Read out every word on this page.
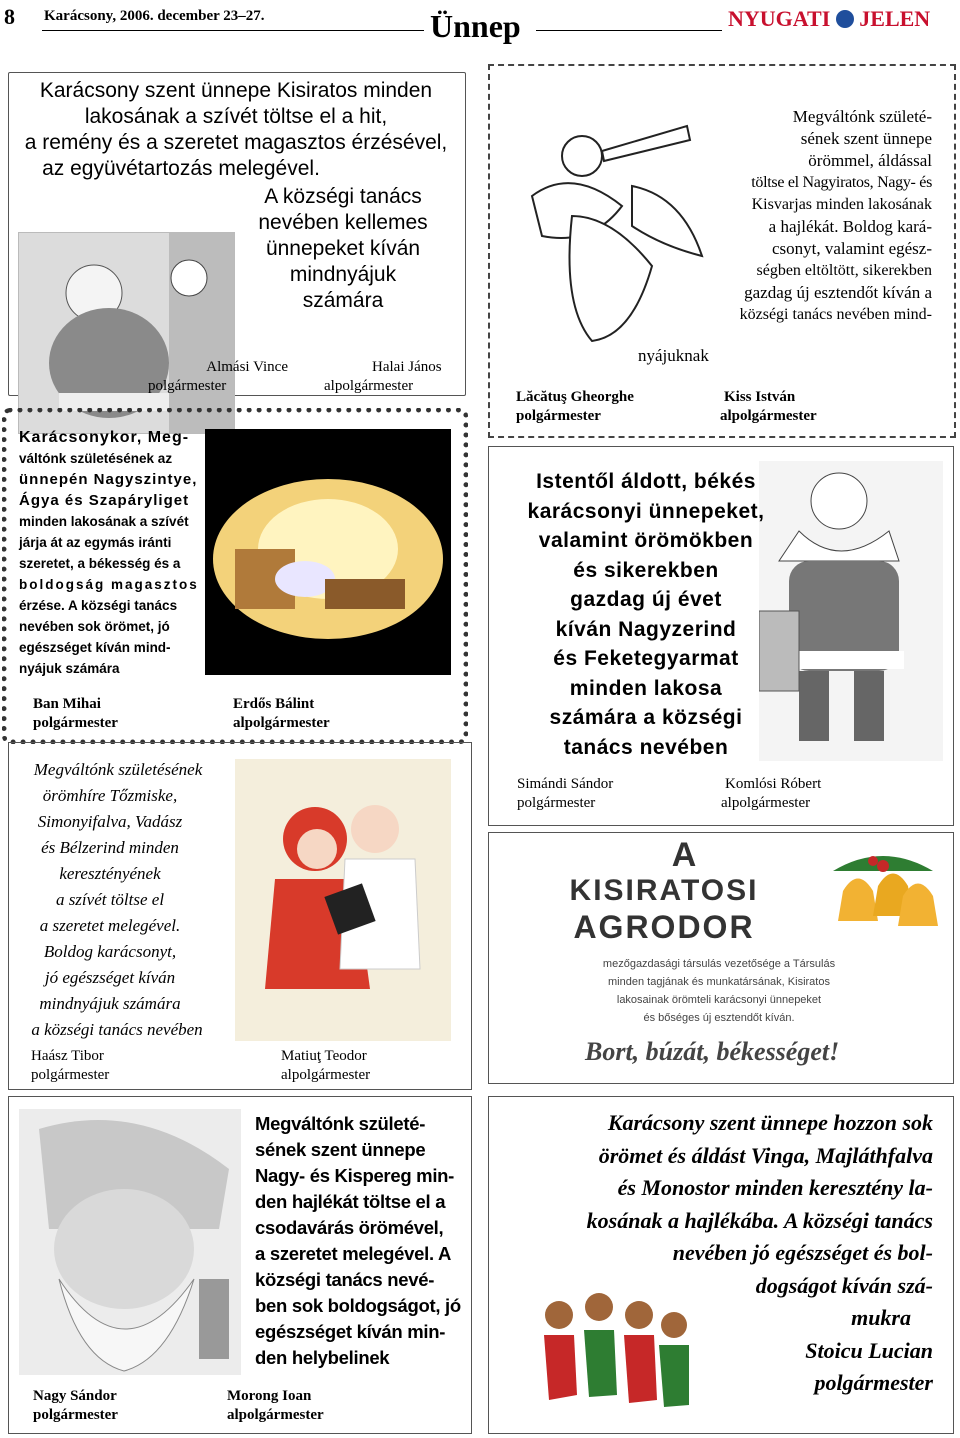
8 Karácsony, 2006. december 23–27.	Ünnep	NYUGATI JELEN
Karácsony szent ünnepe Kisiratos minden
lakosának a szívét töltse el a hit,
a remény és a szeretet magasztos érzésével,
az együvétartozás melegével.
A községi tanács
nevében kellemes
ünnepeket kíván
mindnyájuk
számára
Almási Vince
polgármester
Halai János
alpolgármester
Megváltónk születé-
sének szent ünnepe
örömmel, áldással
töltse el Nagyiratos, Nagy- és
Kisvarjas minden lakosának
a hajlékát. Boldog kará-
csonyt, valamint egész-
ségben eltöltött, sikerekben
gazdag új esztendőt kíván a
községi tanács nevében mind-
nyájuknak
Lăcătuş Gheorghe
polgármester
Kiss István
alpolgármester
Karácsonykor, Meg-
váltónk születésének az
ünnepén Nagyszintye,
Ágya és Szapáryliget
minden lakosának a szívét
járja át az egymás iránti
szeretet, a békesség és a
boldogság magasztos
érzése. A községi tanács
nevében sok örömet, jó
egészséget kíván mind-
nyájuk számára
Ban Mihai
polgármester
Erdős Bálint
alpolgármester
Istentől áldott, békés
karácsonyi ünnepeket,
valamint örömökben
és sikerekben
gazdag új évet
kíván Nagyzerind
és Feketegyarmat
minden lakosa
számára a községi
tanács nevében
Simándi Sándor
polgármester
Komlósi Róbert
alpolgármester
Megváltónk születésének
örömhíre Tőzmiske,
Simonyifalva, Vadász
és Bélzerind minden
keresztényének
a szívét töltse el
a szeretet melegével.
Boldog karácsonyt,
jó egészséget kíván
mindnyájuk számára
a községi tanács nevében
Haász Tibor
polgármester
Matiuţ Teodor
alpolgármester
A
KISIRATOSI
AGRODOR
mezőgazdasági társulás vezetősége a Társulás
minden tagjának és munkatársának, Kisiratos
lakosainak örömteli karácsonyi ünnepeket
és bőséges új esztendőt kíván.
Bort, búzát, békességet!
Megváltónk születé-
sének szent ünnepe
Nagy- és Kispereg min-
den hajlékát töltse el a
csodavárás örömével,
a szeretet melegével. A
községi tanács nevé-
ben sok boldogságot, jó
egészséget kíván min-
den helybelinek
Nagy Sándor
polgármester
Morong Ioan
alpolgármester
Karácsony szent ünnepe hozzon sok
örömet és áldást Vinga, Majláthfalva
és Monostor minden keresztény la-
kosának a hajlékába. A községi tanács
nevében jó egészséget és bol-
dogságot kíván szá-
mukra
Stoicu Lucian
polgármester
